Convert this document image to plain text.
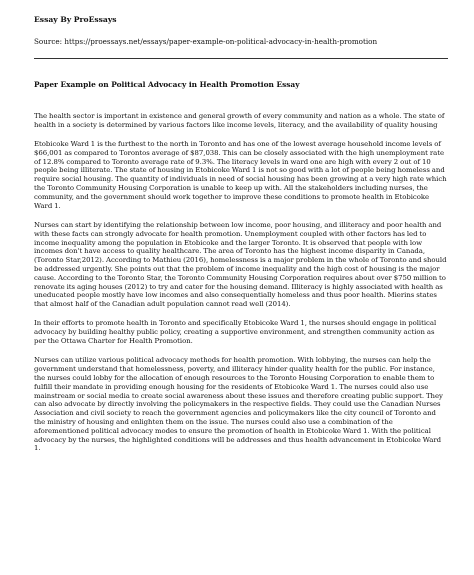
Essay By ProEssays
Source: https://proessays.net/essays/paper-example-on-political-advocacy-in-health-promotion
Paper Example on Political Advocacy in Health Promotion Essay

The health sector is important in existence and general growth of every community and nation as a whole. The state of health in a society is determined by various factors like income levels, literacy, and the availability of quality housing

Etobicoke Ward 1 is the furthest to the north in Toronto and has one of the lowest average household income levels of $66,001 as compared to Torontos average of $87,038. This can be closely associated with the high unemployment rate of 12.8% compared to Toronto average rate of 9.3%. The literacy levels in ward one are high with every 2 out of 10 people being illiterate. The state of housing in Etobicoke Ward 1 is not so good with a lot of people being homeless and require social housing. The quantity of individuals in need of social housing has been growing at a very high rate which the Toronto Community Housing Corporation is unable to keep up with. All the stakeholders including nurses, the community, and the government should work together to improve these conditions to promote health in Etobicoke Ward 1.

Nurses can start by identifying the relationship between low income, poor housing, and illiteracy and poor health and with these facts can strongly advocate for health promotion. Unemployment coupled with other factors has led to income inequality among the population in Etobicoke and the larger Toronto. It is observed that people with low incomes don't have access to quality healthcare. The area of Toronto has the highest income disparity in Canada, (Toronto Star,2012). According to Mathieu (2016), homelessness is a major problem in the whole of Toronto and should be addressed urgently. She points out that the problem of income inequality and the high cost of housing is the major cause. According to the Toronto Star, the Toronto Community Housing Corporation requires about over $750 million to renovate its aging houses (2012) to try and cater for the housing demand. Illiteracy is highly associated with health as uneducated people mostly have low incomes and also consequentially homeless and thus poor health. Mierins states that almost half of the Canadian adult population cannot read well (2014).

In their efforts to promote health in Toronto and specifically Etobicoke Ward 1, the nurses should engage in political advocacy by building healthy public policy, creating a supportive environment, and strengthen community action as per the Ottawa Charter for Health Promotion.

Nurses can utilize various political advocacy methods for health promotion. With lobbying, the nurses can help the government understand that homelessness, poverty, and illiteracy hinder quality health for the public. For instance, the nurses could lobby for the allocation of enough resources to the Toronto Housing Corporation to enable them to fulfill their mandate in providing enough housing for the residents of Etobicoke Ward 1. The nurses could also use mainstream or social media to create social awareness about these issues and therefore creating public support. They can also advocate by directly involving the policymakers in the respective fields. They could use the Canadian Nurses Association and civil society to reach the government agencies and policymakers like the city council of Toronto and the ministry of housing and enlighten them on the issue. The nurses could also use a combination of the aforementioned political advocacy modes to ensure the promotion of health in Etobicoke Ward 1. With the political advocacy by the nurses, the highlighted conditions will be addresses and thus health advancement in Etobicoke Ward 1.
